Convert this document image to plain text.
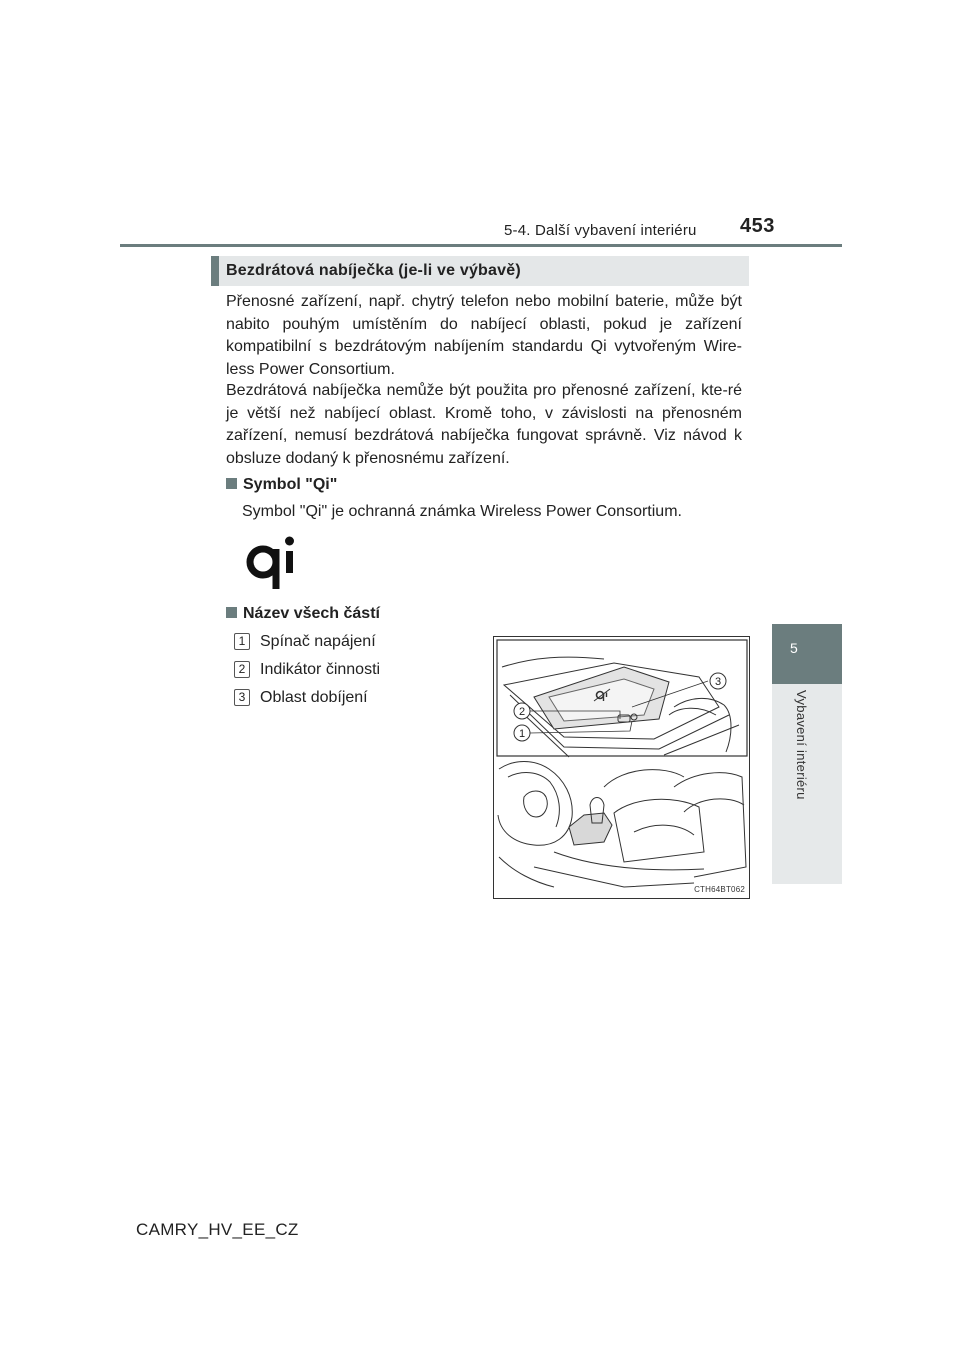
5-4. Další vybavení interiéru 453
5
Vybavení interiéru
Bezdrátová nabíječka (je-li ve výbavě)

Přenosné zařízení, např. chytrý telefon nebo mobilní baterie, může být nabito pouhým umístěním do nabíjecí oblasti, pokud je zařízení kompatibilní s bezdrátovým nabíjením standardu Qi vytvořeným Wire-less Power Consortium.

Bezdrátová nabíječka nemůže být použita pro přenosné zařízení, kte-ré je větší než nabíjecí oblast. Kromě toho, v závislosti na přenosném zařízení, nemusí bezdrátová nabíječka fungovat správně. Viz návod k obsluze dodaný k přenosnému zařízení.

Symbol "Qi"
Symbol "Qi" je ochranná známka Wireless Power Consortium.
Název všech částí
1 Spínač napájení
2 Indikátor činnosti
3 Oblast dobíjení
3
2
1
CTH64BT062
CAMRY_HV_EE_CZ
